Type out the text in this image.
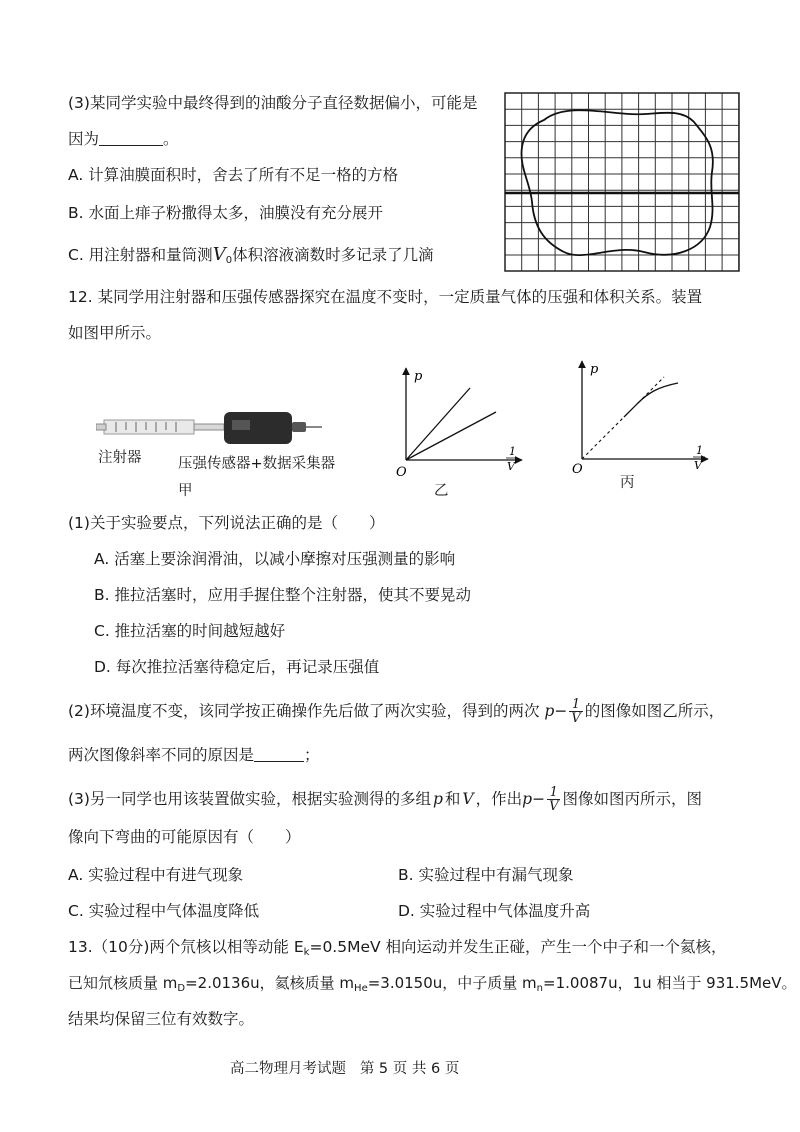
(3)某同学实验中最终得到的油酸分子直径数据偏小，可能是
因为	。
A. 计算油膜面积时，舍去了所有不足一格的方格
B. 水面上痱子粉撒得太多，油膜没有充分展开
C. 用注射器和量筒测$V_0$体积溶液滴数时多记录了几滴
12. 某同学用注射器和压强传感器探究在温度不变时，一定质量气体的压强和体积关系。装置
如图甲所示。
注射器	压强传感器+数据采集器
甲
p
O
1
V
乙
p
O
1
V
丙
(1)关于实验要点，下列说法正确的是（　　）
A. 活塞上要涂润滑油，以减小摩擦对压强测量的影响
B. 推拉活塞时，应用手握住整个注射器，使其不要晃动
C. 推拉活塞的时间越短越好
D. 每次推拉活塞待稳定后，再记录压强值
(2)环境温度不变，该同学按正确操作先后做了两次实验，得到的两次 $p- \frac{1}{V}$ 的图像如图乙所示，
两次图像斜率不同的原因是	；
(3)另一同学也用该装置做实验，根据实验测得的多组 p 和 V ，作出$p- \frac{1}{V}$ 图像如图丙所示，图
像向下弯曲的可能原因有（　　）
A. 实验过程中有进气现象	B. 实验过程中有漏气现象
C. 实验过程中气体温度降低	D. 实验过程中气体温度升高
13.（10分)两个氘核以相等动能 $E_k=0.5MeV$ 相向运动并发生正碰，产生一个中子和一个氦核，
已知氘核质量 $m_D=2.0136u$，氦核质量 $m_{He}=3.0150u$，中子质量 $m_n=1.0087u$，1u 相当于 931.5MeV。
结果均保留三位有效数字。
高二物理月考试题 第 5 页 共 6 页
